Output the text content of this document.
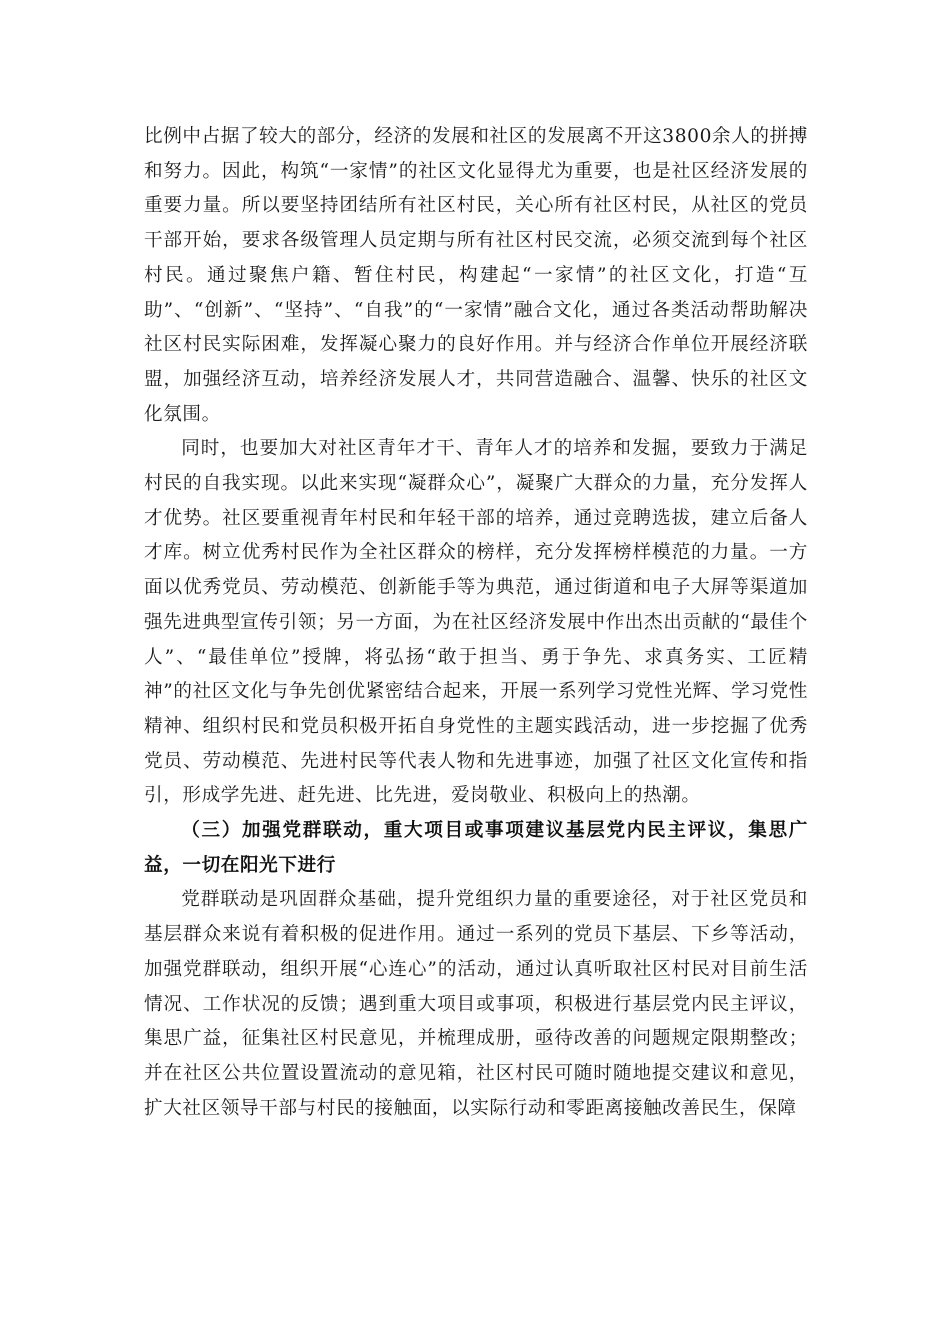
比例中占据了较大的部分，经济的发展和社区的发展离不开这3800余人的拼搏和努力。因此，构筑“一家情”的社区文化显得尤为重要，也是社区经济发展的重要力量。所以要坚持团结所有社区村民，关心所有社区村民，从社区的党员干部开始，要求各级管理人员定期与所有社区村民交流，必须交流到每个社区村民。通过聚焦户籍、暂住村民，构建起“一家情”的社区文化，打造“互助”、“创新”、“坚持”、“自我”的“一家情”融合文化，通过各类活动帮助解决社区村民实际困难，发挥凝心聚力的良好作用。并与经济合作单位开展经济联盟，加强经济互动，培养经济发展人才，共同营造融合、温馨、快乐的社区文化氛围。

同时，也要加大对社区青年才干、青年人才的培养和发掘，要致力于满足村民的自我实现。以此来实现“凝群众心”，凝聚广大群众的力量，充分发挥人才优势。社区要重视青年村民和年轻干部的培养，通过竞聘选拔，建立后备人才库。树立优秀村民作为全社区群众的榜样，充分发挥榜样模范的力量。一方面以优秀党员、劳动模范、创新能手等为典范，通过街道和电子大屏等渠道加强先进典型宣传引领；另一方面，为在社区经济发展中作出杰出贡献的“最佳个人”、“最佳单位”授牌，将弘扬“敢于担当、勇于争先、求真务实、工匠精神”的社区文化与争先创优紧密结合起来，开展一系列学习党性光辉、学习党性精神、组织村民和党员积极开拓自身党性的主题实践活动，进一步挖掘了优秀党员、劳动模范、先进村民等代表人物和先进事迹，加强了社区文化宣传和指引，形成学先进、赶先进、比先进，爱岗敬业、积极向上的热潮。

（三）加强党群联动，重大项目或事项建议基层党内民主评议，集思广益，一切在阳光下进行

党群联动是巩固群众基础，提升党组织力量的重要途径，对于社区党员和基层群众来说有着积极的促进作用。通过一系列的党员下基层、下乡等活动，加强党群联动，组织开展“心连心”的活动，通过认真听取社区村民对目前生活情况、工作状况的反馈；遇到重大项目或事项，积极进行基层党内民主评议，集思广益，征集社区村民意见，并梳理成册，亟待改善的问题规定限期整改；并在社区公共位置设置流动的意见箱，社区村民可随时随地提交建议和意见，扩大社区领导干部与村民的接触面，以实际行动和零距离接触改善民生，保障
